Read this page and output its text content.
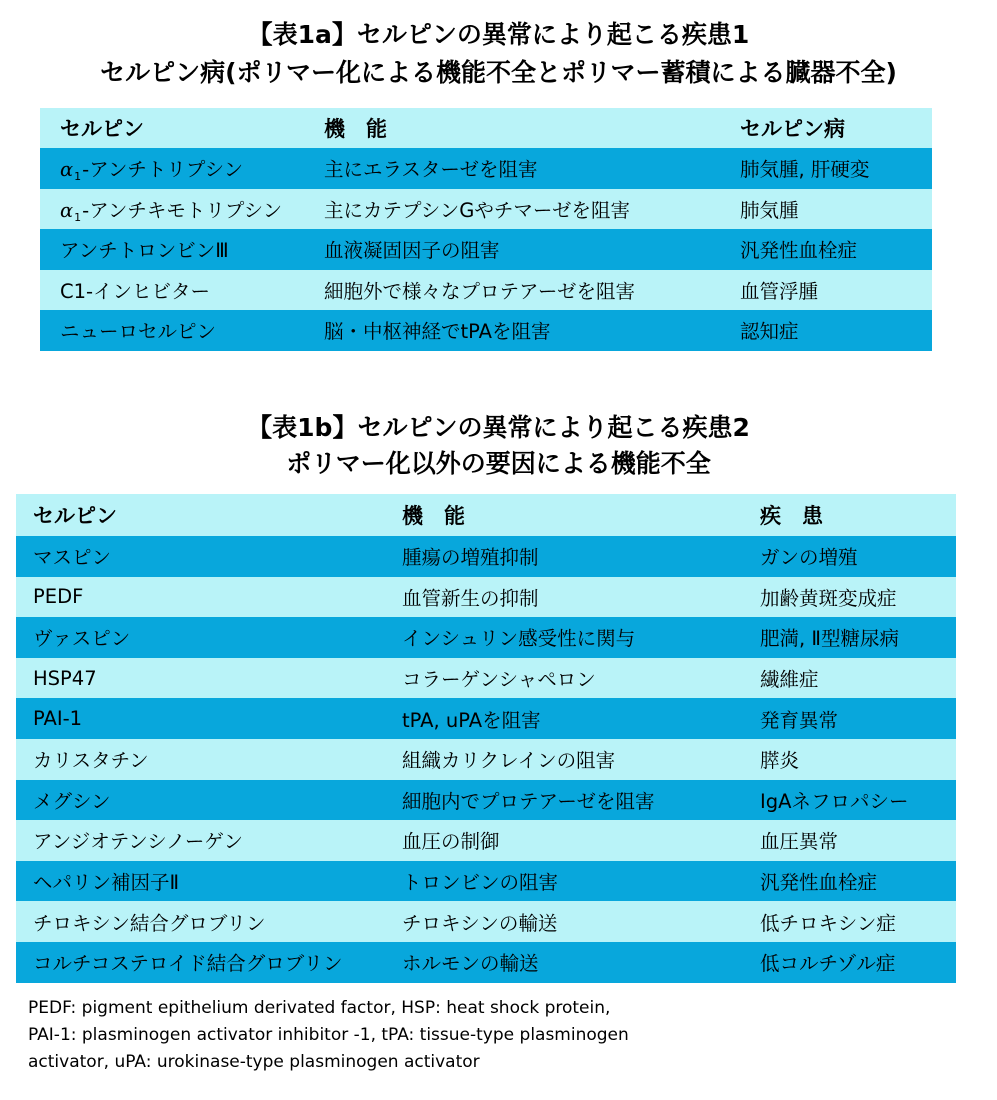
【表1a】セルピンの異常により起こる疾患1
セルピン病(ポリマー化による機能不全とポリマー蓄積による臓器不全)
セルピン	機　能	セルピン病
$\alpha_1-$アンチトリプシン	主にエラスターゼを阻害	肺気腫, 肝硬変
$\alpha_1-$アンチキモトリプシン	主にカテプシンGやチマーゼを阻害	肺気腫
アンチトロンビンⅢ	血液凝固因子の阻害	汎発性血栓症
C1-インヒビター	細胞外で様々なプロテアーゼを阻害	血管浮腫
ニューロセルピン	脳・中枢神経でtPAを阻害	認知症
【表1b】セルピンの異常により起こる疾患2
ポリマー化以外の要因による機能不全
セルピン	機　能	疾　患
マスピン	腫瘍の増殖抑制	ガンの増殖
PEDF	血管新生の抑制	加齢黄斑変成症
ヴァスピン	インシュリン感受性に関与	肥満, Ⅱ型糖尿病
HSP47	コラーゲンシャペロン	繊維症
PAI-1	tPA, uPAを阻害	発育異常
カリスタチン	組織カリクレインの阻害	膵炎
メグシン	細胞内でプロテアーゼを阻害	IgAネフロパシー
アンジオテンシノーゲン	血圧の制御	血圧異常
ヘパリン補因子Ⅱ	トロンビンの阻害	汎発性血栓症
チロキシン結合グロブリン	チロキシンの輸送	低チロキシン症
コルチコステロイド結合グロブリン	ホルモンの輸送	低コルチゾル症
PEDF: pigment epithelium derivated factor, HSP: heat shock protein,
PAI-1: plasminogen activator inhibitor -1, tPA: tissue-type plasminogen
activator, uPA: urokinase-type plasminogen activator
